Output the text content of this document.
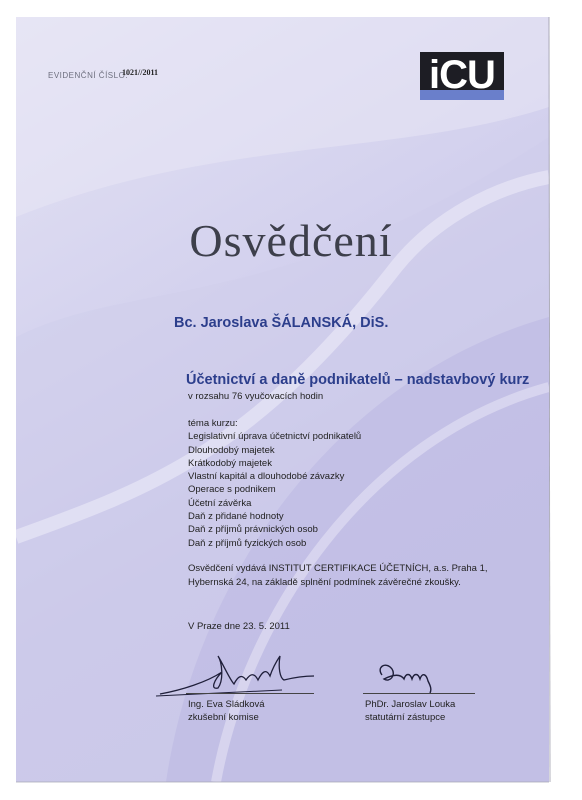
EVIDENČNÍ ČÍSLO:
1021//2011	iCU
Osvědčení
Bc. Jaroslava ŠÁLANSKÁ, DiS.
Účetnictví a daně podnikatelů – nadstavbový kurz
v rozsahu 76 vyučovacích hodin
téma kurzu:
Legislativní úprava účetnictví podnikatelů
Dlouhodobý majetek
Krátkodobý majetek
Vlastní kapitál a dlouhodobé závazky
Operace s podnikem
Účetní závěrka
Daň z přidané hodnoty
Daň z příjmů právnických osob
Daň z příjmů fyzických osob
Osvědčení vydává INSTITUT CERTIFIKACE ÚČETNÍCH, a.s. Praha 1,
Hybernská 24, na základě splnění podmínek závěrečné zkoušky.
V Praze dne 23. 5. 2011
Ing. Eva Sládková
zkušební komise
PhDr. Jaroslav Louka
statutární zástupce
